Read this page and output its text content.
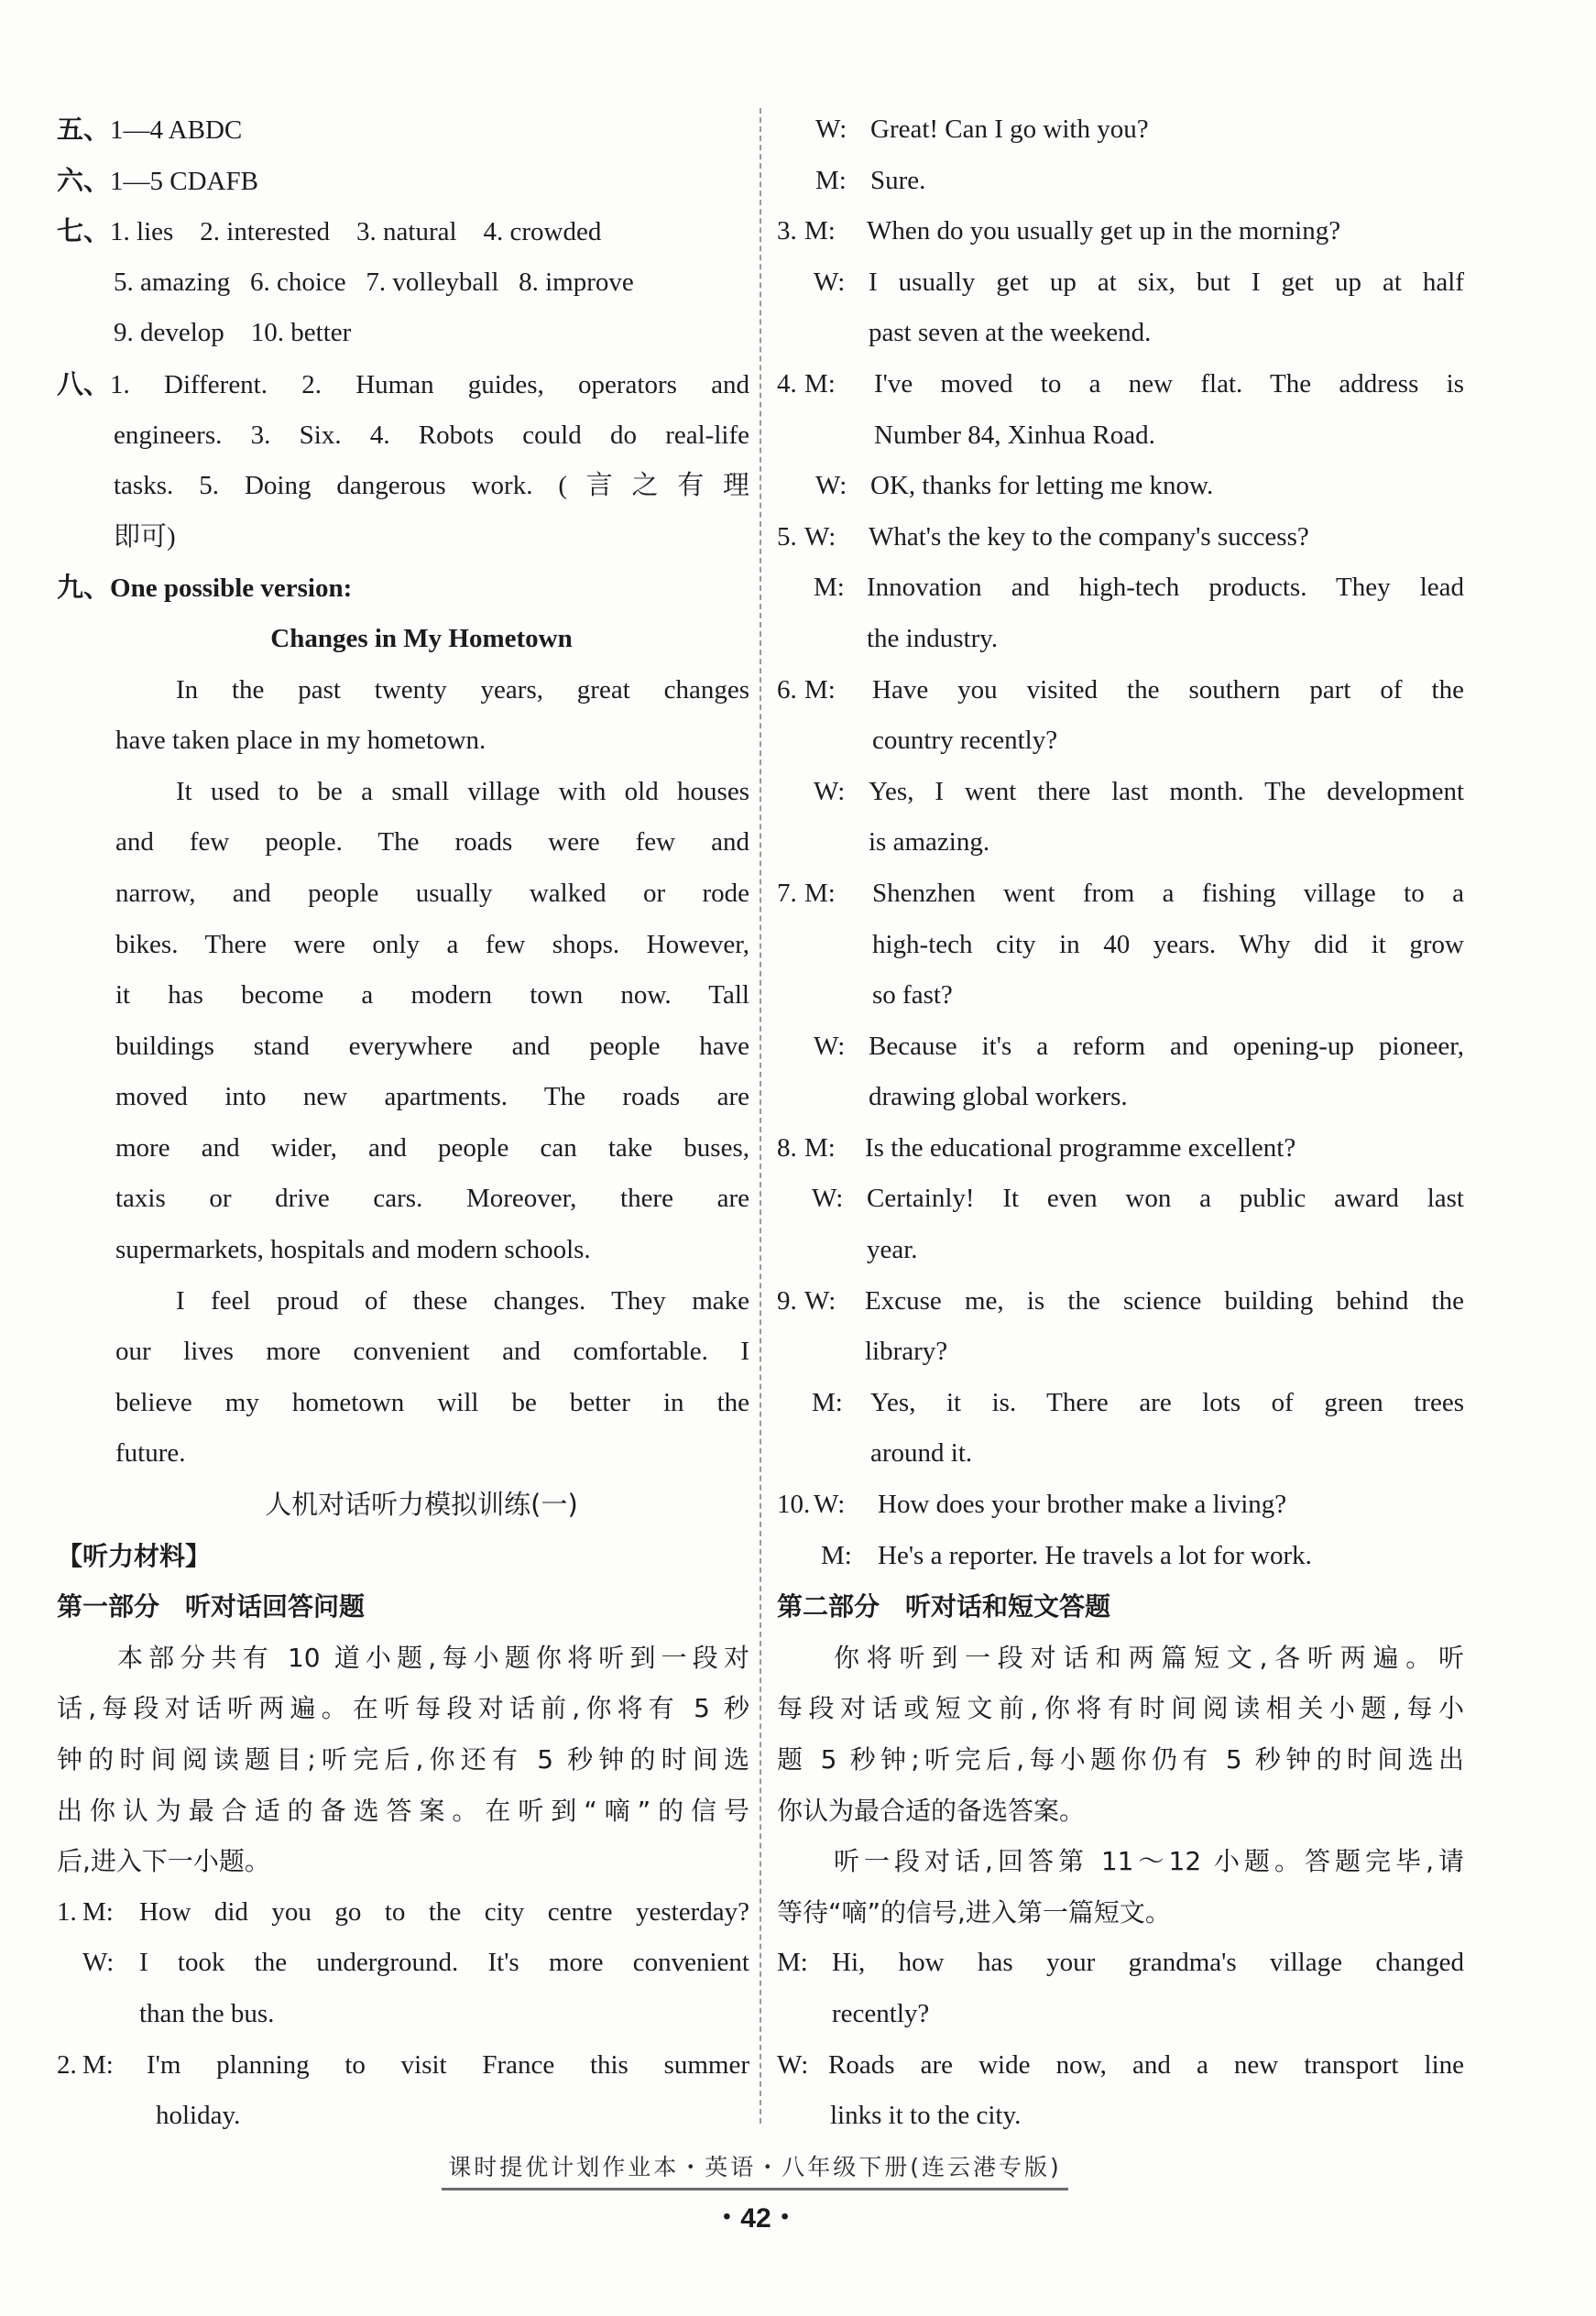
五、 1—4 ABDC
六、 1—5 CDAFB
七、 1. lies    2. interested    3. natural    4. crowded
5. amazing   6. choice   7. volleyball   8. improve
9. develop    10. better
八、 1. Different. 2. Human guides, operators and
engineers. 3. Six. 4. Robots could do real-life
tasks. 5. Doing dangerous work. (言之有理
即可)
九、 One possible version:
Changes in My Hometown
In the past twenty years, great changes
have taken place in my hometown.
It used to be a small village with old houses
and few people. The roads were few and
narrow, and people usually walked or rode
bikes. There were only a few shops. However,
it has become a modern town now. Tall
buildings stand everywhere and people have
moved into new apartments. The roads are
more and wider, and people can take buses,
taxis or drive cars. Moreover, there are
supermarkets, hospitals and modern schools.
I feel proud of these changes. They make
our lives more convenient and comfortable. I
believe my hometown will be better in the
future.
人机对话听力模拟训练(一)
【听力材料】
第一部分　听对话回答问题
本部分共有 10 道小题,每小题你将听到一段对
话,每段对话听两遍。在听每段对话前,你将有 5 秒
钟的时间阅读题目;听完后,你还有 5 秒钟的时间选
出你认为最合适的备选答案。在听到“嘀”的信号
后,进入下一小题。
1. M: How did you go to the city centre yesterday?
W: I took the underground. It's more convenient
than the bus.
2. M:	I'm planning to visit France this summer
holiday.
W: Great! Can I go with you?
M: Sure.
3. M:	When do you usually get up in the morning?
W: I usually get up at six, but I get up at half
past seven at the weekend.
4. M:	I've moved to a new flat. The address is
Number 84, Xinhua Road.
W: OK, thanks for letting me know.
5. W:	What's the key to the company's success?
M: Innovation and high-tech products. They lead
the industry.
6. M:	Have you visited the southern part of the
country recently?
W: Yes, I went there last month. The development
is amazing.
7. M:	Shenzhen went from a fishing village to a
high-tech city in 40 years. Why did it grow
so fast?
W: Because it's a reform and opening-up pioneer,
drawing global workers.
8. M:	Is the educational programme excellent?
W: Certainly! It even won a public award last
year.
9. W:	Excuse me, is the science building behind the
library?
M:	Yes, it is. There are lots of green trees
around it.
10. W:	How does your brother make a living?
M: He's a reporter. He travels a lot for work.
第二部分　听对话和短文答题
你将听到一段对话和两篇短文,各听两遍。听
每段对话或短文前,你将有时间阅读相关小题,每小
题 5 秒钟;听完后,每小题你仍有 5 秒钟的时间选出
你认为最合适的备选答案。
听一段对话,回答第 11～12 小题。答题完毕,请
等待“嘀”的信号,进入第一篇短文。
M: Hi, how has your grandma's village changed
recently?
W: Roads are wide now, and a new transport line
links it to the city.
课时提优计划作业本・英语・八年级下册(连云港专版)
・42・
